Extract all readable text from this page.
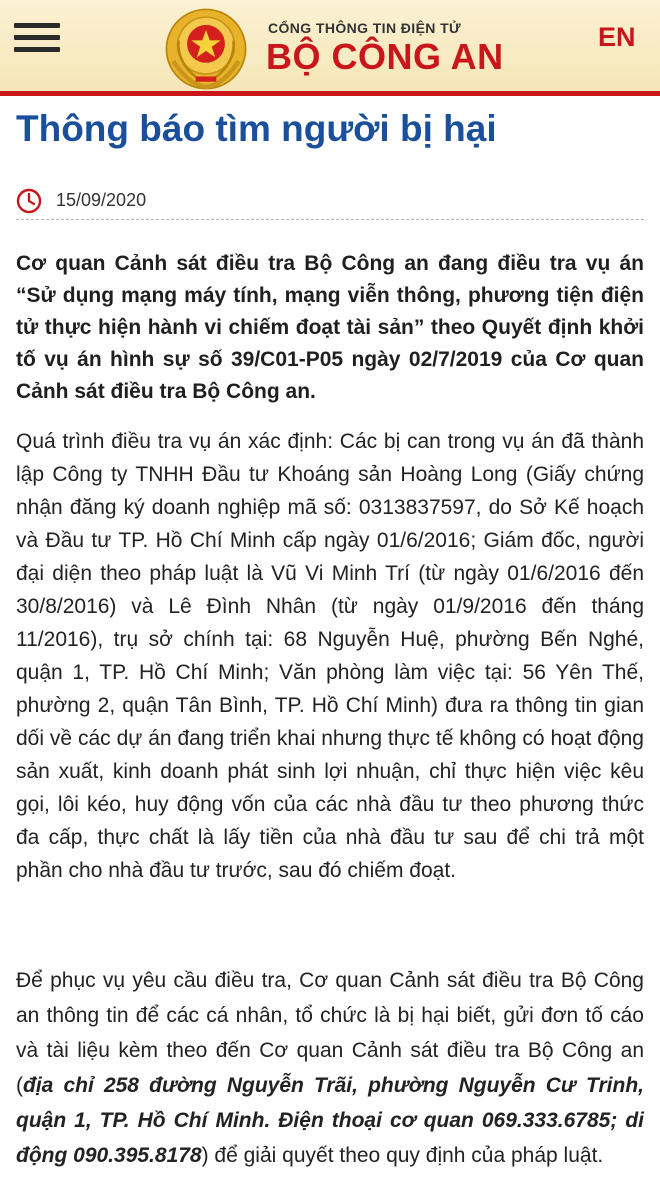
CỔNG THÔNG TIN ĐIỆN TỬ
BỘ CÔNG AN	EN
Thông báo tìm người bị hại
15/09/2020

Cơ quan Cảnh sát điều tra Bộ Công an đang điều tra vụ án “Sử dụng mạng máy tính, mạng viễn thông, phương tiện điện tử thực hiện hành vi chiếm đoạt tài sản” theo Quyết định khởi tố vụ án hình sự số 39/C01-P05 ngày 02/7/2019 của Cơ quan Cảnh sát điều tra Bộ Công an.

Quá trình điều tra vụ án xác định: Các bị can trong vụ án đã thành lập Công ty TNHH Đầu tư Khoáng sản Hoàng Long (Giấy chứng nhận đăng ký doanh nghiệp mã số: 0313837597, do Sở Kế hoạch và Đầu tư TP. Hồ Chí Minh cấp ngày 01/6/2016; Giám đốc, người đại diện theo pháp luật là Vũ Vi Minh Trí (từ ngày 01/6/2016 đến 30/8/2016) và Lê Đình Nhân (từ ngày 01/9/2016 đến tháng 11/2016), trụ sở chính tại: 68 Nguyễn Huệ, phường Bến Nghé, quận 1, TP. Hồ Chí Minh; Văn phòng làm việc tại: 56 Yên Thế, phường 2, quận Tân Bình, TP. Hồ Chí Minh) đưa ra thông tin gian dối về các dự án đang triển khai nhưng thực tế không có hoạt động sản xuất, kinh doanh phát sinh lợi nhuận, chỉ thực hiện việc kêu gọi, lôi kéo, huy động vốn của các nhà đầu tư theo phương thức đa cấp, thực chất là lấy tiền của nhà đầu tư sau để chi trả một phần cho nhà đầu tư trước, sau đó chiếm đoạt.

Để phục vụ yêu cầu điều tra, Cơ quan Cảnh sát điều tra Bộ Công an thông tin để các cá nhân, tổ chức là bị hại biết, gửi đơn tố cáo và tài liệu kèm theo đến Cơ quan Cảnh sát điều tra Bộ Công an (địa chỉ 258 đường Nguyễn Trãi, phường Nguyễn Cư Trinh, quận 1, TP. Hồ Chí Minh. Điện thoại cơ quan 069.333.6785; di động 090.395.8178) để giải quyết theo quy định của pháp luật.
